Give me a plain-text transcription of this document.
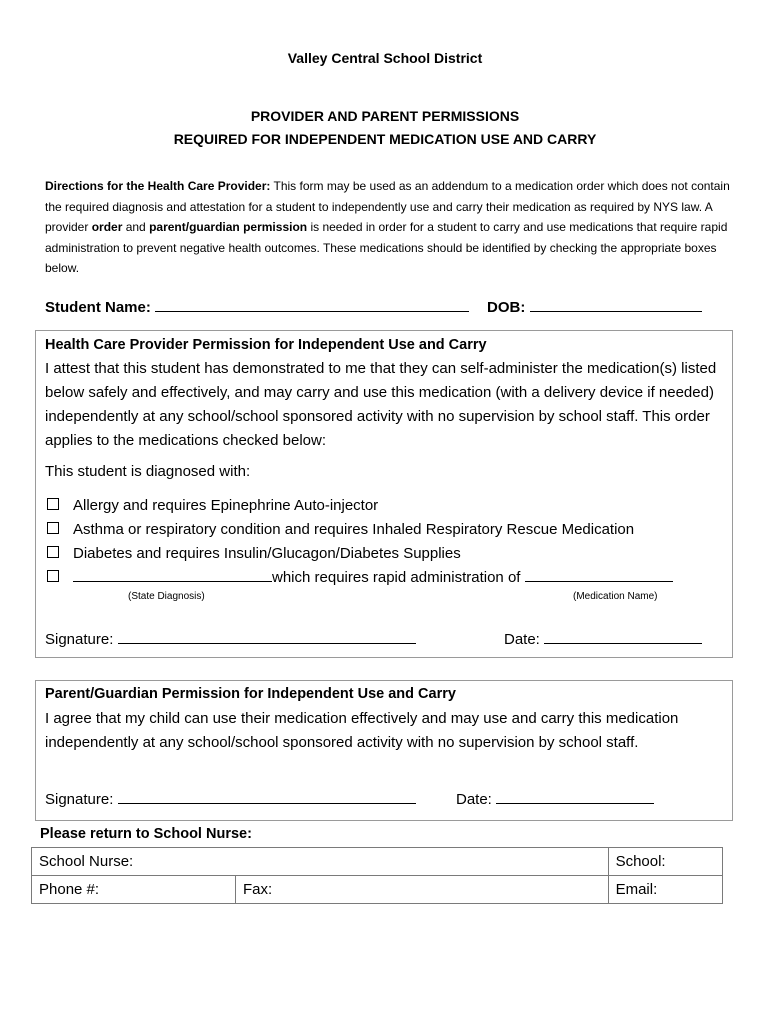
Valley Central School District
PROVIDER AND PARENT PERMISSIONS
REQUIRED FOR INDEPENDENT MEDICATION USE AND CARRY
Directions for the Health Care Provider: This form may be used as an addendum to a medication order which does not contain the required diagnosis and attestation for a student to independently use and carry their medication as required by NYS law. A provider order and parent/guardian permission is needed in order for a student to carry and use medications that require rapid administration to prevent negative health outcomes. These medications should be identified by checking the appropriate boxes below.
Student Name:	DOB:
Health Care Provider Permission for Independent Use and Carry
I attest that this student has demonstrated to me that they can self-administer the medication(s) listed below safely and effectively, and may carry and use this medication (with a delivery device if needed) independently at any school/school sponsored activity with no supervision by school staff. This order applies to the medications checked below:
This student is diagnosed with:
Allergy and requires Epinephrine Auto-injector
Asthma or respiratory condition and requires Inhaled Respiratory Rescue Medication
Diabetes and requires Insulin/Glucagon/Diabetes Supplies
which requires rapid administration of
(State Diagnosis)	(Medication Name)
Signature:	Date:
Parent/Guardian Permission for Independent Use and Carry
I agree that my child can use their medication effectively and may use and carry this medication independently at any school/school sponsored activity with no supervision by school staff.
Signature:	Date:
Please return to School Nurse:
School Nurse:		School:
Phone #:	Fax:	Email:
